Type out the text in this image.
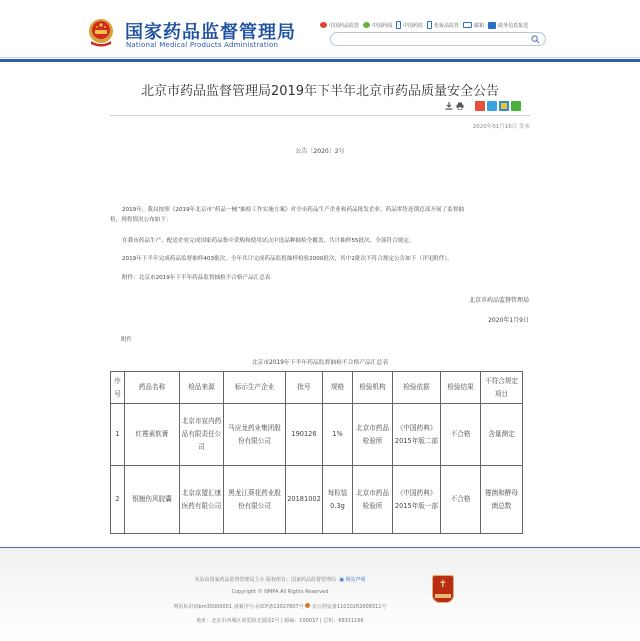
国家药品监督管理局
National Medical Products Administration
中国药品监管	中国药闻 中国药监 化妆品监管	邮箱	政务信息报送
北京市药品监督管理局2019年下半年北京市药品质量安全公告
2020年01月16日 发布
公告〔2020〕2号
2019年，我局按照《2019年北京市“药品一械”抽检工作实施方案》对全市药品生产企业和药品批发企业、药品零售连锁总部开展了监督抽
检，现将情况公布如下：
在我市药品生产、配送企业完成国家药品集中采购和使用试点中选品种抽检全覆盖，共计抽样55批次，全部符合规定。
2019年下半年完成药品监督抽样403批次，全年共计完成药品监督抽样检验2000批次，其中2批次不符合规定公告如下（详见附件）。
附件：北京市2019年下半年药品监督抽检不合格产品汇总表
北京市药品监督管理局
2020年1月9日
附件
北京市2019年下半年药品监督抽检不合格产品汇总表
序号	药品名称	检品来源	标示生产企业	批号	规格	检验机构	检验依据	检验结果	不符合规定项目
1	红霉素软膏	北京市宣内药品有限责任公司	马应龙药业集团股份有限公司	190126	1%	北京市药品检验所	《中国药典》2015年版二部	不合格	含量测定
2	银翘伤风胶囊	北京京盟汇康医药有限公司	黑龙江葵花药业股份有限公司	20181002	每粒装0.3g	北京市药品检验所	《中国药典》2015年版一部	不合格	霉菌和酵母菌总数
本站由国家药品监督管理局主办 版权所有：国家药品监督管理局 ▣ 网站声明
Copyright © NMPA All Rights Reserved
网站标识码bm35000001 备案序号:京ICP备13027807号 京公网安备11010202008311号
地址：北京市西城区展览路北露园1号 | 邮编：100037 | 总机：68311166
✝
